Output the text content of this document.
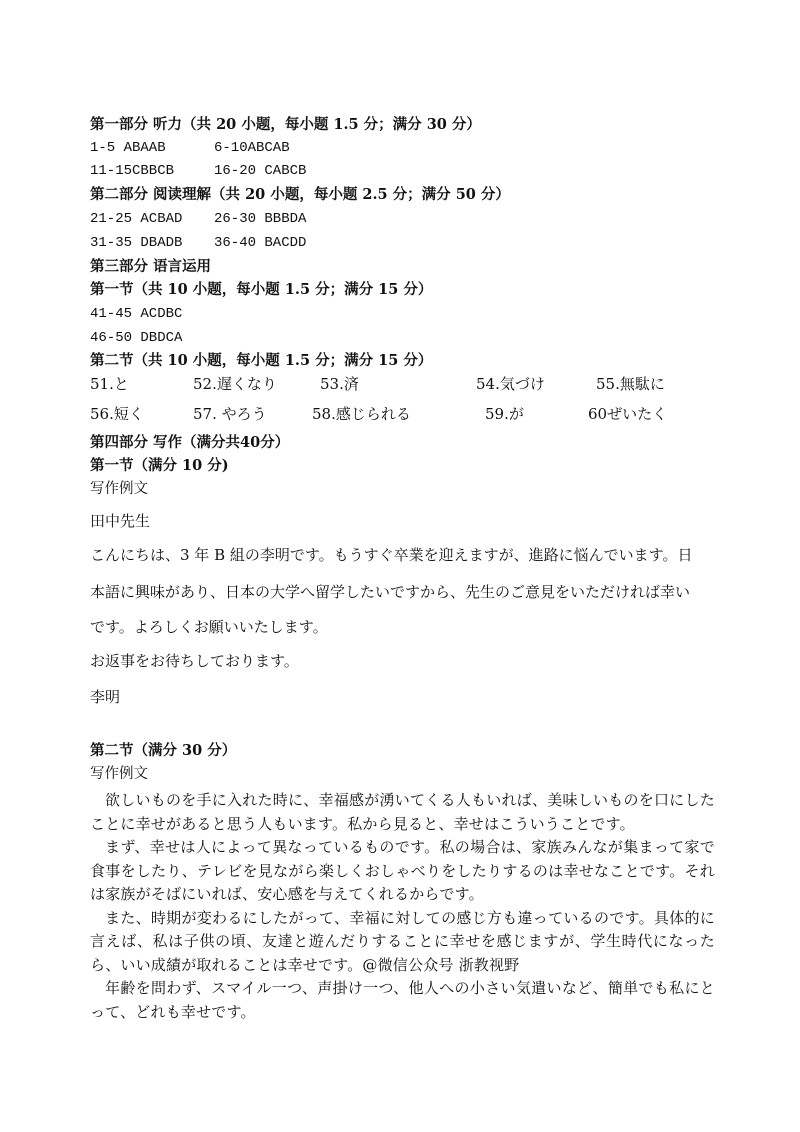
第一部分 听力（共 20 小题，每小题 1.5 分；满分 30 分）
1-5 ABAAB	6-10ABCAB
11-15CBBCB	16-20 CABCB
第二部分 阅读理解（共 20 小题，每小题 2.5 分；满分 50 分）
21-25 ACBAD 26-30 BBBDA
31-35 DBADB 36-40 BACDD
第三部分 语言运用
第一节（共 10 小题，每小题 1.5 分；满分 15 分）
41-45 ACDBC
46-50 DBDCA
第二节（共 10 小题，每小题 1.5 分；满分 15 分）
51.と	52.遅くなり	53.済	54.気づけ	55.無駄に
56.短く	57. やろう	58.感じられる	59.が	60ぜいたく
第四部分 写作（满分共40分）
第一节（满分 10 分)
写作例文
田中先生
こんにちは、3 年 B 組の李明です。もうすぐ卒業を迎えますが、進路に悩んでいます。日
本語に興味があり、日本の大学へ留学したいですから、先生のご意見をいただければ幸い
です。よろしくお願いいたします。
お返事をお待ちしております。
李明
第二节（满分 30 分）
写作例文

欲しいものを手に入れた時に、幸福感が湧いてくる人もいれば、美味しいものを口にしたことに幸せがあると思う人もいます。私から見ると、幸せはこういうことです。

まず、幸せは人によって異なっているものです。私の場合は、家族みんなが集まって家で食事をしたり、テレビを見ながら楽しくおしゃべりをしたりするのは幸せなことです。それは家族がそばにいれば、安心感を与えてくれるからです。

また、時期が変わるにしたがって、幸福に対しての感じ方も違っているのです。具体的に言えば、私は子供の頃、友達と遊んだりすることに幸せを感じますが、学生時代になったら、いい成績が取れることは幸せです。@微信公众号 浙教视野

年齢を問わず、スマイル一つ、声掛け一つ、他人への小さい気遣いなど、簡単でも私にとって、どれも幸せです。
